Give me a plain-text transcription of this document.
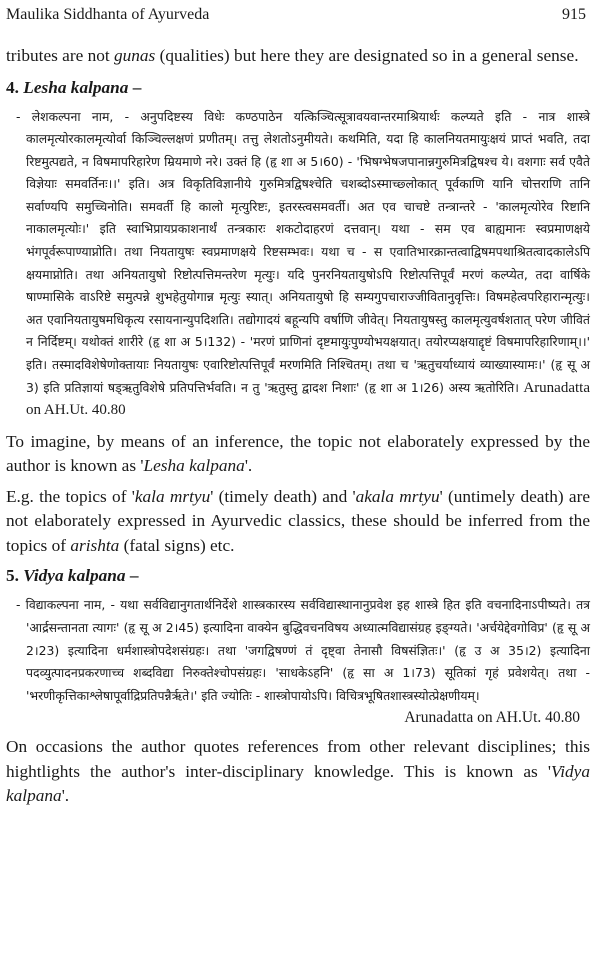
Maulika Siddhanta of Ayurveda	915

tributes are not gunas (qualities) but here they are designated so in a general sense.

4. Lesha kalpana –

- लेशकल्पना नाम, - अनुपदिष्टस्य विधेः कण्ठपाठेन यत्किञ्चित्सूत्रावयवान्तरमाश्रियार्थः कल्प्यते इति - नात्र शास्त्रे कालमृत्योरकालमृत्योर्वा किञ्चिल्लक्षणं प्रणीतम्। तत्तु लेशतोऽनुमीयते। कथमिति, यदा हि कालनियतमायुःक्षयं प्राप्तं भवति, तदा रिष्टमुत्पद्यते, न विषमापरिहारेण म्रियमाणे नरे। उक्तं हि (हृ शा अ 5।60) - 'भिषग्भेषजपानान्नगुरुमित्रद्विषश्च ये। वशगाः सर्व एवैते विज्ञेयाः समवर्तिनः।।' इति। अत्र विकृतिविज्ञानीये गुरुमित्रद्विषश्चेति चशब्दोऽस्माच्छ्लोकात् पूर्वकाणि यानि चोत्तराणि तानि सर्वाण्यपि समुच्चिनोति। समवर्ती हि कालो मृत्युरिष्टः, इतरस्त्वसमवर्ती। अत एव चाचष्टे तन्त्रान्तरे - 'कालमृत्योरेव रिष्टानि नाकालमृत्योः।' इति स्वाभिप्रायप्रकाशनार्थं तन्त्रकारः शकटोदाहरणं दत्तवान्। यथा - सम एव बाह्यमानः स्वप्रमाणक्षये भंगपूर्वरूपाण्याप्नोति। तथा नियतायुषः स्वप्रमाणक्षये रिष्टसम्भवः। यथा च - स एवातिभारक्रान्तत्वाद्विषमपथाश्रितत्वादकालेऽपि क्षयमाप्नोति। तथा अनियतायुषो रिष्टोत्पत्तिमन्तरेण मृत्युः। यदि पुनरनियतायुषोऽपि रिष्टोत्पत्तिपूर्वं मरणं कल्प्येत, तदा वार्षिके षाण्मासिके वाऽरिष्टे समुत्पन्ने शुभहेतुयोगान्न मृत्युः स्यात्। अनियतायुषो हि सम्यगुपचाराज्जीवितानुवृत्तिः। विषमहेत्वपरिहारान्मृत्युः। अत एवानियतायुषमधिकृत्य रसायनान्युपदिशति। तद्योगादयं बहून्यपि वर्षाणि जीवेत्। नियतायुषस्तु कालमृत्युवर्षशतात् परेण जीवितं न निर्दिष्टम्। यथोक्तं शारीरे (हृ शा अ 5।132) - 'मरणं प्राणिनां दृष्टमायुःपुण्योभयक्षयात्। तयोरप्यक्षयाद्दृष्टं विषमापरिहारिणाम्।।' इति। तस्मादविशेषेणोक्तायाः नियतायुषः एवारिष्टोत्पत्तिपूर्वं मरणमिति निश्चितम्। तथा च 'ऋतुचर्याध्यायं व्याख्यास्यामः।' (हृ सू अ 3) इति प्रतिज्ञायां षड्ऋतुविशेषे प्रतिपत्तिर्भवति। न तु 'ऋतुस्तु द्वादश निशाः' (हृ शा अ 1।26) अस्य ऋतोरिति। Arunadatta on AH.Ut. 40.80

To imagine, by means of an inference, the topic not elaborately expressed by the author is known as 'Lesha kalpana'.

E.g. the topics of 'kala mrtyu' (timely death) and 'akala mrtyu' (untimely death) are not elaborately expressed in Ayurvedic classics, these should be inferred from the topics of arishta (fatal signs) etc.

5. Vidya kalpana –

- विद्याकल्पना नाम, - यथा सर्वविद्यानुगतार्थनिर्देशे शास्त्रकारस्य सर्वविद्यास्थानानुप्रवेश इह शास्त्रे हित इति वचनादिनाऽपीष्यते। तत्र 'आर्द्रसन्तानता त्यागः' (हृ सू अ 2।45) इत्यादिना वाक्येन बुद्धिवचनविषय अध्यात्मविद्यासंग्रह इङ्ग्यते। 'अर्चयेद्देवगोविप्र' (हृ सू अ 2।23) इत्यादिना धर्मशास्त्रोपदेशसंग्रहः। तथा 'जगद्विषण्णं तं दृष्ट्वा तेनासौ विषसंज्ञितः।' (हृ उ अ 35।2) इत्यादिना पदव्युत्पादनप्रकरणाच्च शब्दविद्या निरुक्तेश्चोपसंग्रहः। 'साधकेऽहनि' (हृ सा अ 1।73) सूतिकां गृहं प्रवेशयेत्। तथा - 'भरणीकृत्तिकाश्लेषापूर्वाद्रिप्रतिपन्नैर्ऋते।' इति ज्योतिः - शास्त्रोपायोऽपि। विचित्रभूषितशास्त्रस्योत्प्रेक्षणीयम्।

Arunadatta on AH.Ut. 40.80

On occasions the author quotes references from other relevant disciplines; this hightlights the author's inter-disciplinary knowledge. This is known as 'Vidya kalpana'.
